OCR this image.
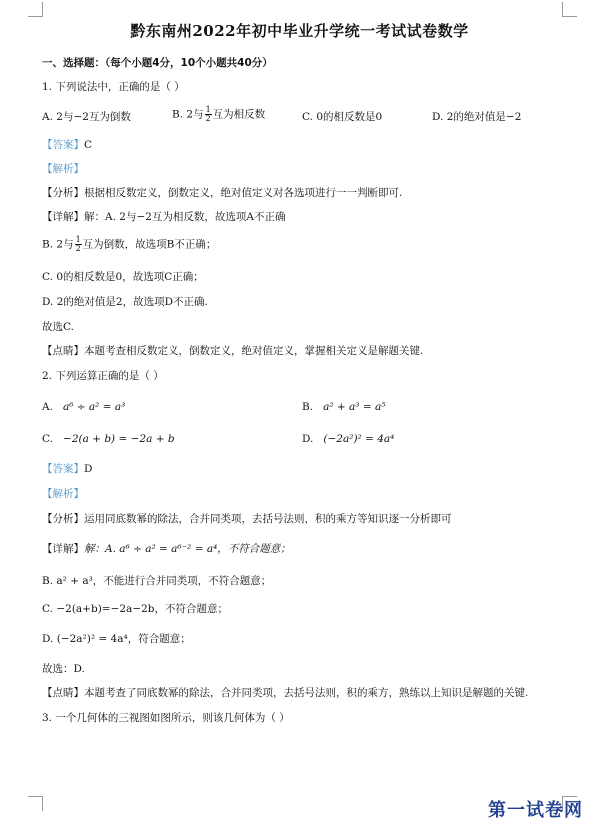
黔东南州2022年初中毕业升学统一考试试卷数学
一、选择题：（每个小题4分，10个小题共40分）
1. 下列说法中，正确的是（ ）
A. 2与−2互为倒数	B. 2与 $\frac{1}{2}$ 互为相反数	C. 0的相反数是0	D. 2的绝对值是−2
【答案】C
【解析】
【分析】根据相反数定义，倒数定义，绝对值定义对各选项进行一一判断即可.
【详解】解：A. 2与−2互为相反数，故选项A不正确
B. 2与 $\frac{1}{2}$ 互为倒数，故选项B不正确；
C. 0的相反数是0，故选项C正确；
D. 2的绝对值是2，故选项D不正确.
故选C.
【点睛】本题考查相反数定义，倒数定义，绝对值定义，掌握相关定义是解题关键.
2. 下列运算正确的是（ ）
A. a⁶ ÷ a² = a³	B. a² + a³ = a⁵
C. −2(a + b) = −2a + b	D. (−2a²)² = 4a⁴
【答案】D
【解析】
【分析】运用同底数幂的除法，合并同类项，去括号法则，积的乘方等知识逐一分析即可
【详解】解：A. a⁶ ÷ a² = a⁶⁻² = a⁴，不符合题意；
B. a² + a³，不能进行合并同类项，不符合题意；
C. −2(a+b)=−2a−2b，不符合题意；
D. (−2a²)² = 4a⁴，符合题意；
故选：D.
【点睛】本题考查了同底数幂的除法，合并同类项，去括号法则，积的乘方，熟练以上知识是解题的关键.
3. 一个几何体的三视图如图所示，则该几何体为（ ）
第一试卷网
